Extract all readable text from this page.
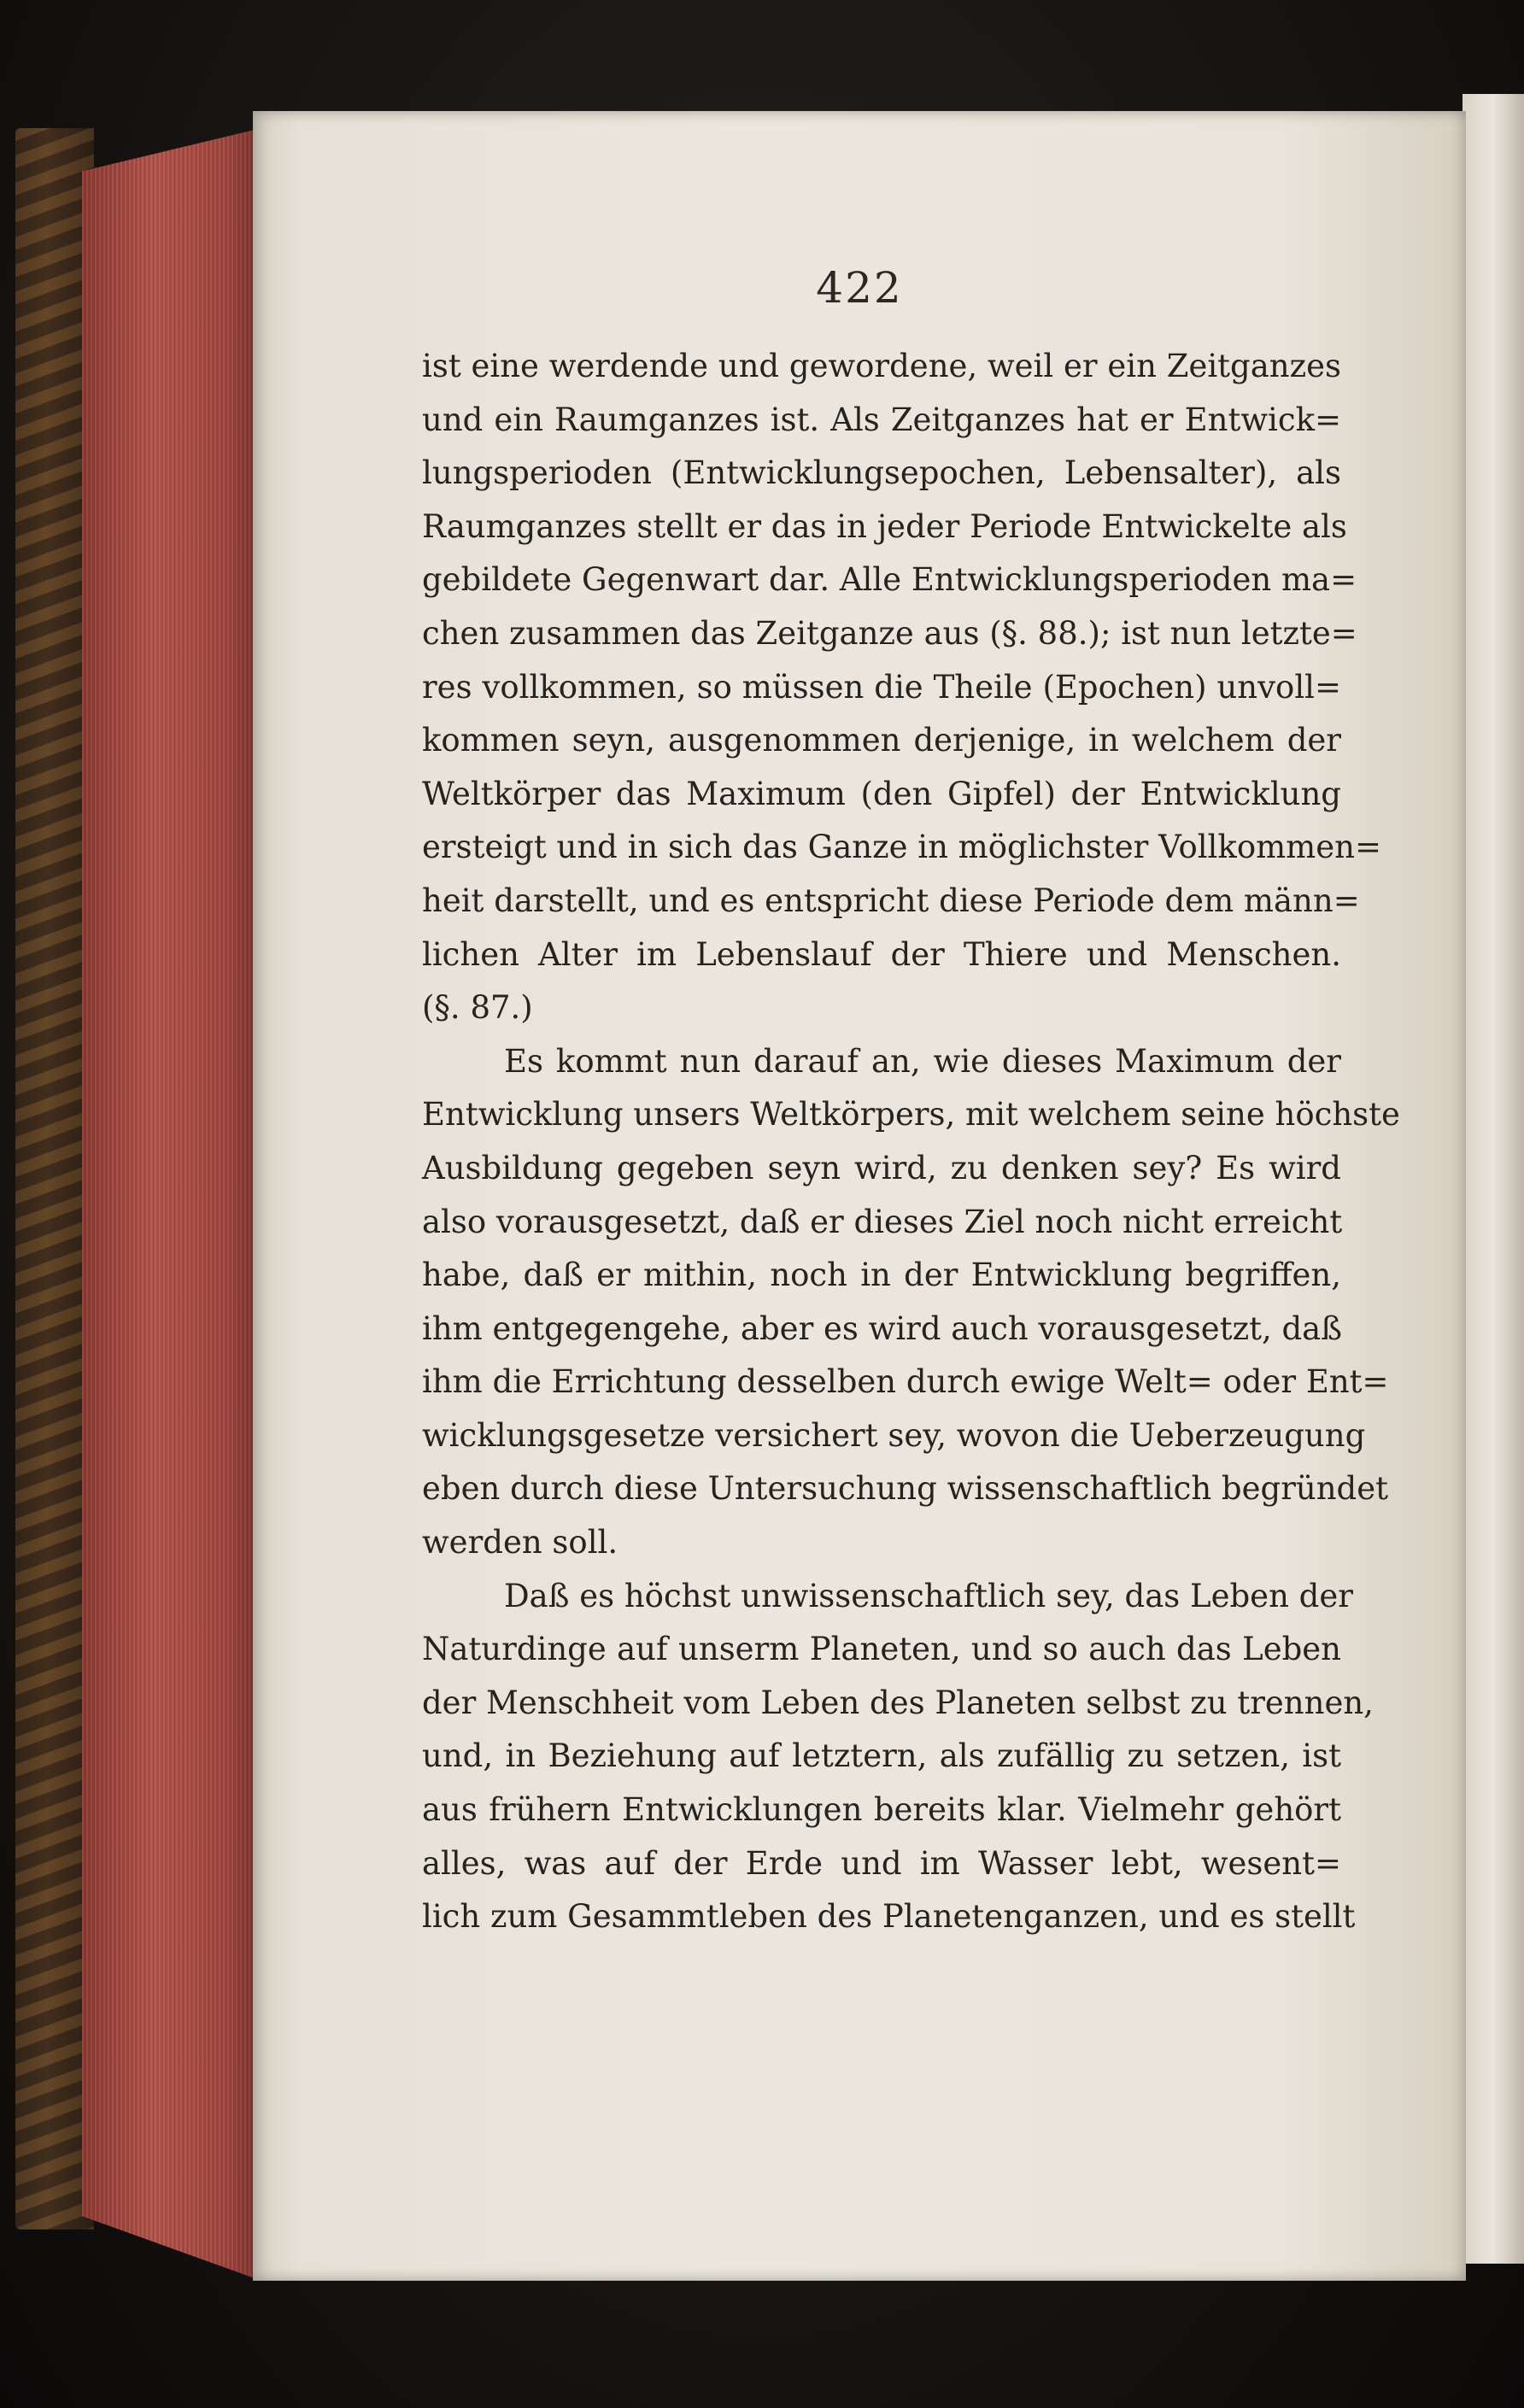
422
ist eine werdende und gewordene, weil er ein Zeitganzes
und ein Raumganzes ist. Als Zeitganzes hat er Entwick=
lungsperioden (Entwicklungsepochen, Lebensalter), als
Raumganzes stellt er das in jeder Periode Entwickelte als
gebildete Gegenwart dar. Alle Entwicklungsperioden ma=
chen zusammen das Zeitganze aus (§. 88.); ist nun letzte=
res vollkommen, so müssen die Theile (Epochen) unvoll=
kommen seyn, ausgenommen derjenige, in welchem der
Weltkörper das Maximum (den Gipfel) der Entwicklung
ersteigt und in sich das Ganze in möglichster Vollkommen=
heit darstellt, und es entspricht diese Periode dem männ=
lichen Alter im Lebenslauf der Thiere und Menschen.
(§. 87.)
Es kommt nun darauf an, wie dieses Maximum der
Entwicklung unsers Weltkörpers, mit welchem seine höchste
Ausbildung gegeben seyn wird, zu denken sey? Es wird
also vorausgesetzt, daß er dieses Ziel noch nicht erreicht
habe, daß er mithin, noch in der Entwicklung begriffen,
ihm entgegengehe, aber es wird auch vorausgesetzt, daß
ihm die Errichtung desselben durch ewige Welt= oder Ent=
wicklungsgesetze versichert sey, wovon die Ueberzeugung
eben durch diese Untersuchung wissenschaftlich begründet
werden soll.
Daß es höchst unwissenschaftlich sey, das Leben der
Naturdinge auf unserm Planeten, und so auch das Leben
der Menschheit vom Leben des Planeten selbst zu trennen,
und, in Beziehung auf letztern, als zufällig zu setzen, ist
aus frühern Entwicklungen bereits klar. Vielmehr gehört
alles, was auf der Erde und im Wasser lebt, wesent=
lich zum Gesammtleben des Planetenganzen, und es stellt
